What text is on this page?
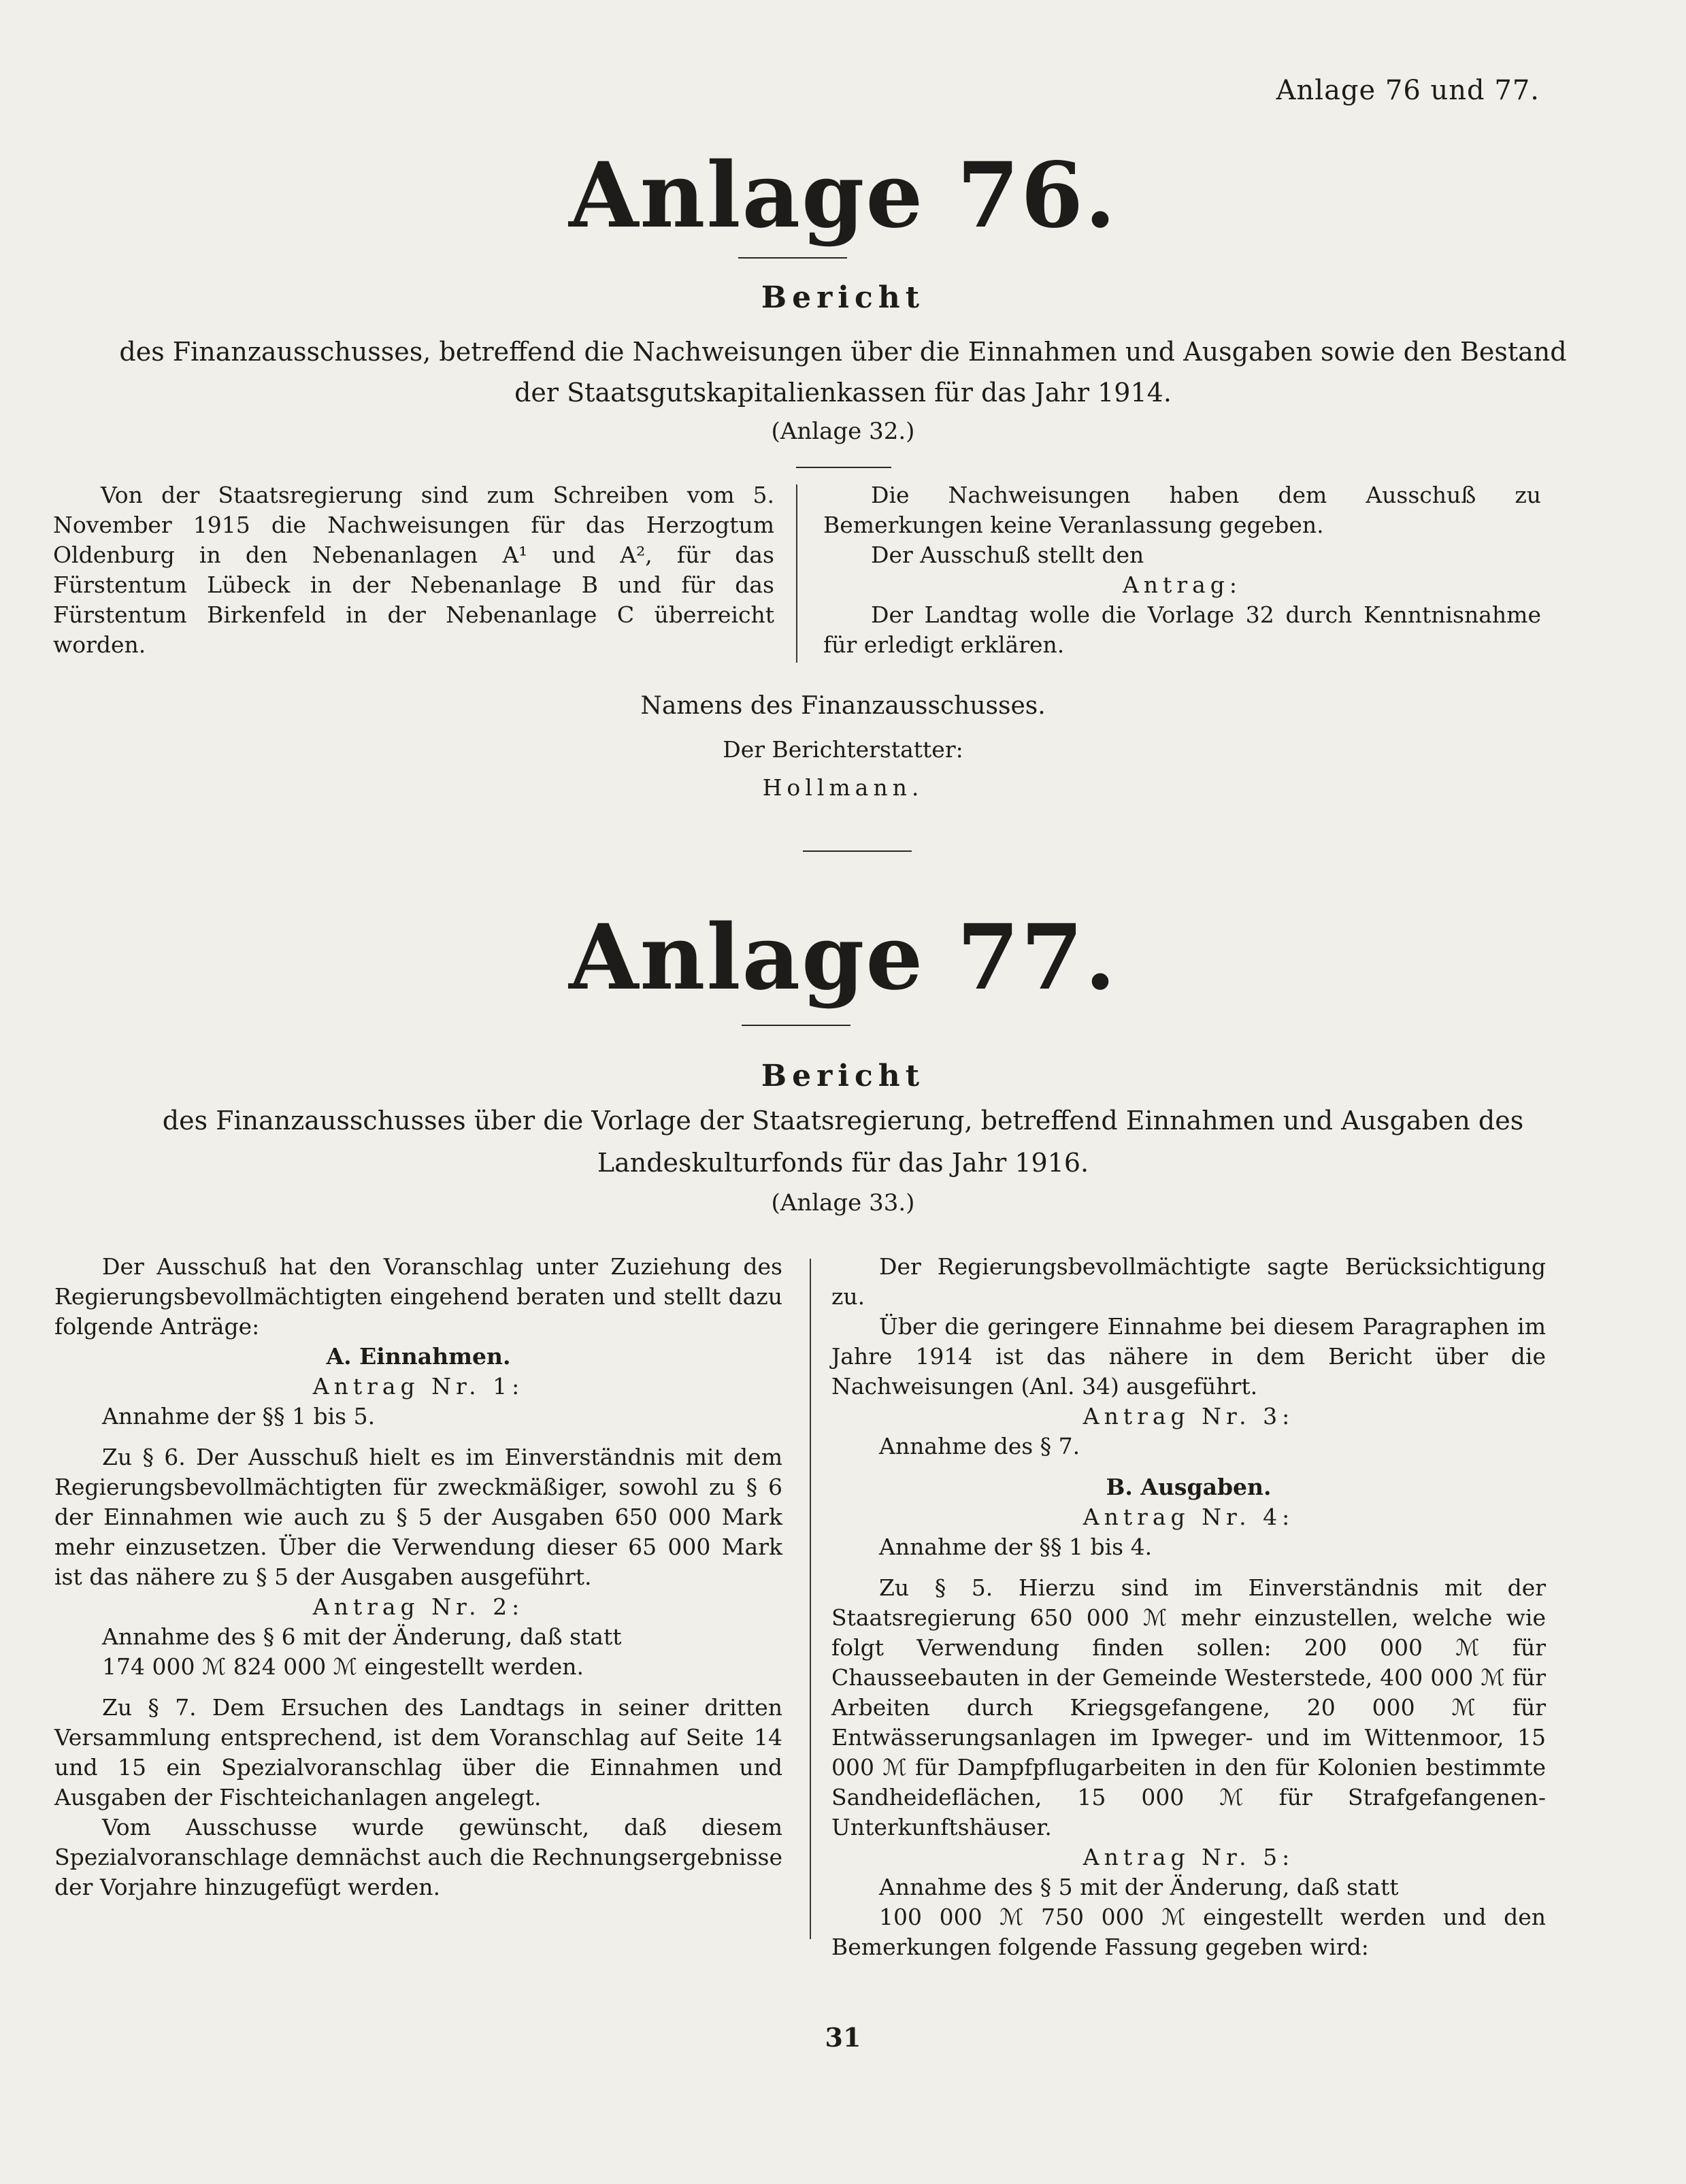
Anlage 76 und 77.
Anlage 76.
Bericht
des Finanzausschusses, betreffend die Nachweisungen über die Einnahmen und Ausgaben sowie den Bestand
der Staatsgutskapitalienkassen für das Jahr 1914.
(Anlage 32.)

Von der Staatsregierung sind zum Schreiben vom 5. November 1915 die Nachweisungen für das Herzogtum Oldenburg in den Nebenanlagen A¹ und A², für das Fürstentum Lübeck in der Nebenanlage B und für das Fürstentum Birkenfeld in der Nebenanlage C überreicht worden.

Die Nachweisungen haben dem Ausschuß zu Bemerkungen keine Veranlassung gegeben.

Der Ausschuß stellt den

Antrag:

Der Landtag wolle die Vorlage 32 durch Kenntnisnahme für erledigt erklären.

Namens des Finanzausschusses.
Der Berichterstatter:
Hollmann.
Anlage 77.
Bericht
des Finanzausschusses über die Vorlage der Staatsregierung, betreffend Einnahmen und Ausgaben des
Landeskulturfonds für das Jahr 1916.
(Anlage 33.)

Der Ausschuß hat den Voranschlag unter Zuziehung des Regierungsbevollmächtigten eingehend beraten und stellt dazu folgende Anträge:

A. Einnahmen.

Antrag Nr. 1:

Annahme der §§ 1 bis 5.

Zu § 6. Der Ausschuß hielt es im Einverständnis mit dem Regierungsbevollmächtigten für zweckmäßiger, sowohl zu § 6 der Einnahmen wie auch zu § 5 der Ausgaben 650 000 Mark mehr einzusetzen. Über die Verwendung dieser 65 000 Mark ist das nähere zu § 5 der Ausgaben ausgeführt.

Antrag Nr. 2:

Annahme des § 6 mit der Änderung, daß statt

174 000 ℳ 824 000 ℳ eingestellt werden.

Zu § 7. Dem Ersuchen des Landtags in seiner dritten Versammlung entsprechend, ist dem Voranschlag auf Seite 14 und 15 ein Spezialvoranschlag über die Einnahmen und Ausgaben der Fischteichanlagen angelegt.

Vom Ausschusse wurde gewünscht, daß diesem Spezialvoranschlage demnächst auch die Rechnungsergebnisse der Vorjahre hinzugefügt werden.

Der Regierungsbevollmächtigte sagte Berücksichtigung zu.

Über die geringere Einnahme bei diesem Paragraphen im Jahre 1914 ist das nähere in dem Bericht über die Nachweisungen (Anl. 34) ausgeführt.

Antrag Nr. 3:

Annahme des § 7.

B. Ausgaben.

Antrag Nr. 4:

Annahme der §§ 1 bis 4.

Zu § 5. Hierzu sind im Einverständnis mit der Staatsregierung 650 000 ℳ mehr einzustellen, welche wie folgt Verwendung finden sollen: 200 000 ℳ für Chausseebauten in der Gemeinde Westerstede, 400 000 ℳ für Arbeiten durch Kriegsgefangene, 20 000 ℳ für Entwässerungsanlagen im Ipweger- und im Wittenmoor, 15 000 ℳ für Dampfpflugarbeiten in den für Kolonien bestimmte Sandheideflächen, 15 000 ℳ für Strafgefangenen-Unterkunftshäuser.

Antrag Nr. 5:

Annahme des § 5 mit der Änderung, daß statt

100 000 ℳ 750 000 ℳ eingestellt werden und den Bemerkungen folgende Fassung gegeben wird:

31
